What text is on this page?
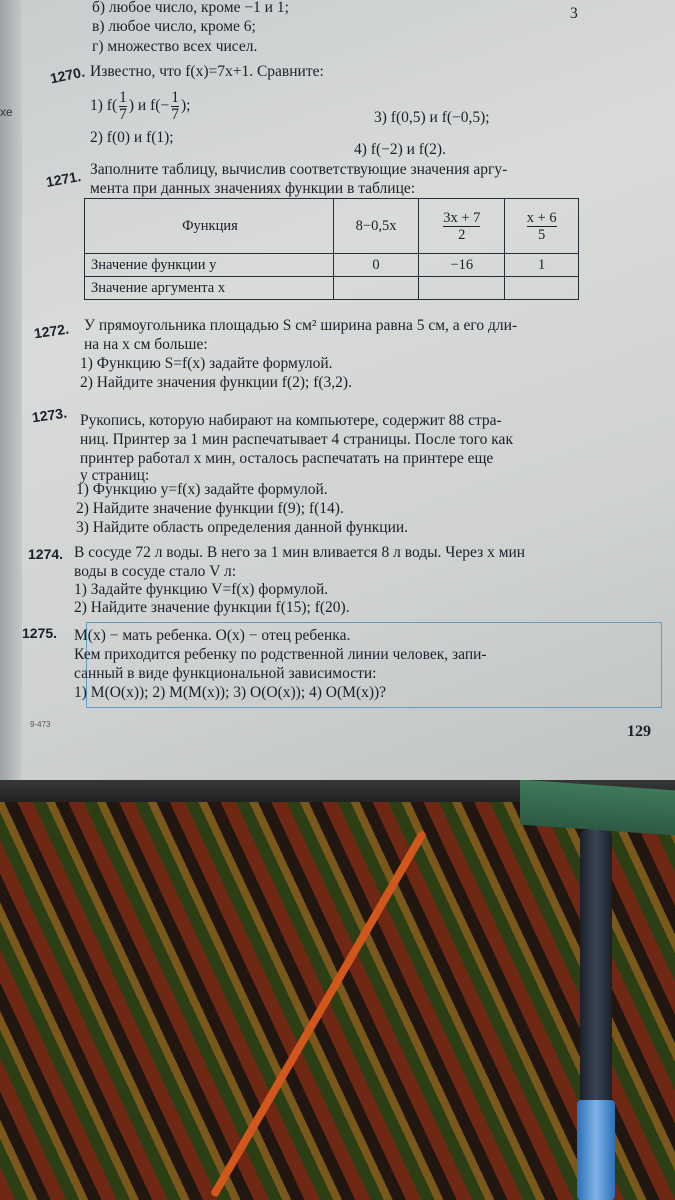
хе
б) любое число, кроме −1 и 1;
в) любое число, кроме 6;
г) множество всех чисел.
3
1270. Известно, что f(x)=7x+1. Сравните:
1) $f( \frac{1}{7}$ ) и $f(- \frac{1}{7}$ );
3) f(0,5) и f(−0,5);
2) f(0) и f(1);
4) f(−2) и f(2).
1271. Заполните таблицу, вычислив соответствующие значения аргу-
мента при данных значениях функции в таблице:
Функция	8−0,5x	$\frac{3x + 7}{2}$	$\frac{x + 6}{5}$

Значение функции y	0	−16	1
Значение аргумента x			
1272. У прямоугольника площадью S см² ширина равна 5 см, а его дли-
на на x см больше:
1) Функцию S=f(x) задайте формулой.
2) Найдите значения функции f(2); f(3,2).
1273. Рукопись, которую набирают на компьютере, содержит 88 стра-
ниц. Принтер за 1 мин распечатывает 4 страницы. После того как
принтер работал x мин, осталось распечатать на принтере еще
y страниц:
1) Функцию y=f(x) задайте формулой.
2) Найдите значение функции f(9); f(14).
3) Найдите область определения данной функции.
1274. В сосуде 72 л воды. В него за 1 мин вливается 8 л воды. Через x мин
воды в сосуде стало V л:
1) Задайте функцию V=f(x) формулой.
2) Найдите значение функции f(15); f(20).
1275. M(x) − мать ребенка. O(x) − отец ребенка.
Кем приходится ребенку по родственной линии человек, запи-
санный в виде функциональной зависимости:
1) M(O(x)); 2) M(M(x)); 3) O(O(x)); 4) O(M(x))?
9-473	129
